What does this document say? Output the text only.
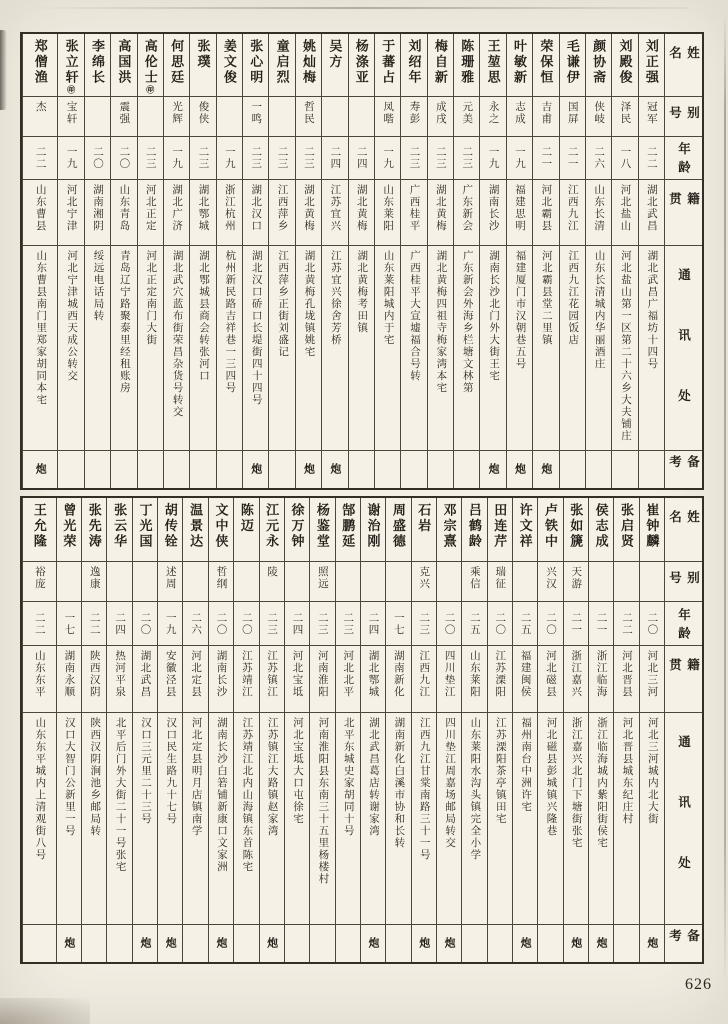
刘正强
冠军
二二
湖北武昌
湖北武昌广福坊十四号
刘殿俊
泽民
一八
河北盐山
河北盐山第一区第二十六乡大夫铺庄
颜协斋
侠岐
二六
山东长清
山东长清城内华丽酒庄
毛谦伊
国屏
二一
江西九江
江西九江花园饭店
荣保恒
吉甫
二一
河北霸县
河北霸县堂二里镇
炮
叶敏新
志成
一九
福建思明
福建厦门市汉朝巷五号
炮
王堃思
永之
一九
湖南长沙
湖南长沙北门外大街王宅
炮
陈珊雅
元美
二三
广东新会
广东新会外海乡栏塘文林第
梅自新
成戌
二三
湖北黄梅
湖北黄梅四祖寺梅家湾本宅
刘绍年
寿彭
二三
广西桂平
广西桂平大宣墟福合号转
于蕃占
凤喈
一九
山东莱阳
山东莱阳城内于宅
杨涤亚
二四
湖北黄梅
湖北黄梅考田镇
吴方
二四
江苏宜兴
江苏宜兴徐舍芳桥
炮
姚灿梅
哲民
二三
湖北黄梅
湖北黄梅孔垅镇姚宅
炮
童启烈
二三
江西萍乡
江西萍乡正街刘盛记
张心明
一鸣
二三
湖北汉口
湖北汉口硚口长堤街四十四号
炮
姜文俊
一九
浙江杭州
杭州新民路吉祥巷一三四号
张璞
俊侠
二三
湖北鄂城
湖北鄂城县商会转张河口
何思廷
光辉
一九
湖北广济
湖北武穴蓝布街荣昌杂货号转交
高伦士㊞
二三
河北正定
河北正定南门大街
高国洪
震强
二〇
山东青岛
青岛辽宁路聚泰里经租账房
李绵长
二〇
湖南湘阴
绥远电话局转
张立轩㊞
宝轩
一九
河北宁津
河北宁津城西天成公转交
郑僧渔
杰
二二
山东曹县
山东曹县南门里郑家胡同本宅
炮
姓名
别号
年龄
籍贯
通讯处
备考
崔钟麟
二〇
河北三河
河北三河城内北大街
炮
张启贤
二二
河北晋县
河北晋县城东纪庄村
侯志成
二一
浙江临海
浙江临海城内紫阳街侯宅
炮
张如篪
天游
二一
浙江嘉兴
浙江嘉兴北门下塘街张宅
炮
卢铁中
兴汉
二〇
河北磁县
河北磁县彭城镇兴隆巷
许文祥
二五
福建闽侯
福州南台中洲许宅
炮
田连芹
瑞征
二〇
江苏溧阳
江苏溧阳茶亭镇田宅
吕鹤龄
乘信
二五
山东莱阳
山东莱阳水沟头镇完全小学
邓宗熹
二〇
四川垫江
四川垫江周嘉场邮局转交
炮
石岩
克兴
二三
江西九江
江西九江甘棠南路三十一号
炮
周盛德
一七
湖南新化
湖南新化白溪市协和长转
谢治刚
二四
湖北鄂城
湖北武昌葛店转谢家湾
炮
郜鹏延
二三
河北北平
北平东城史家胡同十号
杨鉴堂
照远
二三
河南淮阳
河南淮阳县东南三十五里杨楼村
徐万钟
二四
河北宝坻
河北宝坻大口屯徐宅
江元永
陵
二三
江苏镇江
江苏镇江大路镇赵家湾
炮
陈迈
二〇
江苏靖江
江苏靖江北内山海镇东首陈宅
文中侠
哲纲
二〇
湖南长沙
湖南长沙白箬铺新康口文家洲
炮
温景达
二六
河北定县
河北定县明月店镇南学
胡传铨
述周
一九
安徽泾县
汉口民生路九十七号
炮
丁光国
二〇
湖北武昌
汉口三元里二十三号
炮
张云华
二四
热河平泉
北平后门外大街二十一号张宅
张先涛
逸康
二二
陕西汉阴
陕西汉阴涧池乡邮局转
曾光荣
一七
湖南永顺
汉口大智门公新里一号
炮
王允隆
裕庞
二二
山东东平
山东东平城内上清观街八号
姓名
别号
年龄
籍贯
通讯处
备考
626
